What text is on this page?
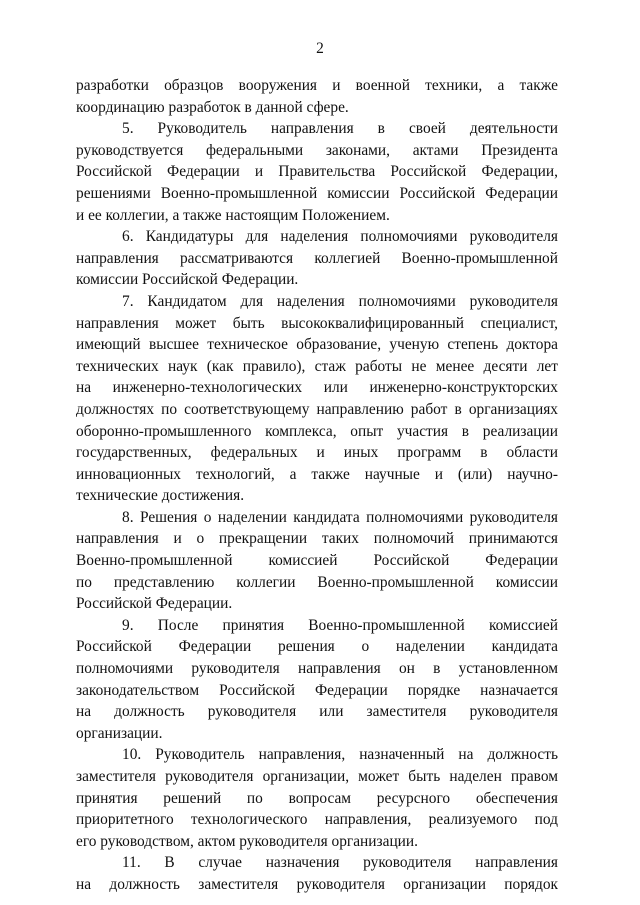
2
разработки образцов вооружения и военной техники, а также
координацию разработок в данной сфере.
5. Руководитель направления в своей деятельности
руководствуется федеральными законами, актами Президента
Российской Федерации и Правительства Российской Федерации,
решениями Военно-промышленной комиссии Российской Федерации
и ее коллегии, а также настоящим Положением.
6. Кандидатуры для наделения полномочиями руководителя
направления рассматриваются коллегией Военно-промышленной
комиссии Российской Федерации.
7. Кандидатом для наделения полномочиями руководителя
направления может быть высококвалифицированный специалист,
имеющий высшее техническое образование, ученую степень доктора
технических наук (как правило), стаж работы не менее десяти лет
на инженерно-технологических или инженерно-конструкторских
должностях по соответствующему направлению работ в организациях
оборонно-промышленного комплекса, опыт участия в реализации
государственных, федеральных и иных программ в области
инновационных технологий, а также научные и (или) научно-
технические достижения.
8. Решения о наделении кандидата полномочиями руководителя
направления и о прекращении таких полномочий принимаются
Военно-промышленной комиссией Российской Федерации
по представлению коллегии Военно-промышленной комиссии
Российской Федерации.
9. После принятия Военно-промышленной комиссией
Российской Федерации решения о наделении кандидата
полномочиями руководителя направления он в установленном
законодательством Российской Федерации порядке назначается
на должность руководителя или заместителя руководителя
организации.
10. Руководитель направления, назначенный на должность
заместителя руководителя организации, может быть наделен правом
принятия решений по вопросам ресурсного обеспечения
приоритетного технологического направления, реализуемого под
его руководством, актом руководителя организации.
11. В случае назначения руководителя направления
на должность заместителя руководителя организации порядок
